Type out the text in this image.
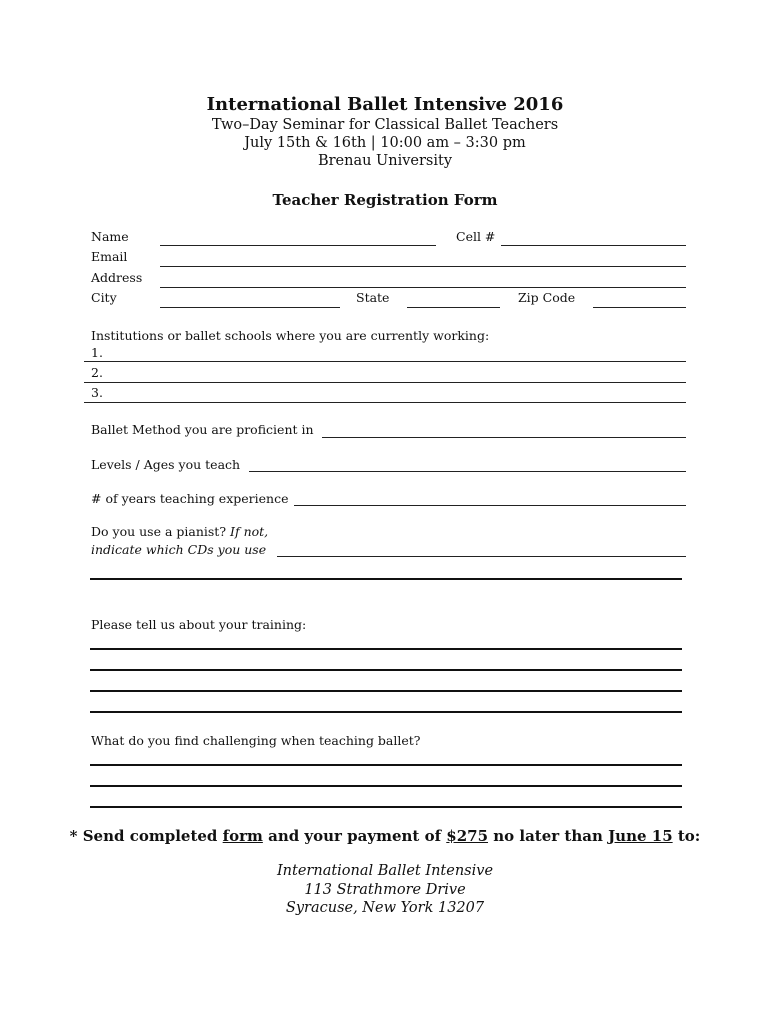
International Ballet Intensive 2016
Two–Day Seminar for Classical Ballet Teachers
July 15th & 16th | 10:00 am – 3:30 pm
Brenau University
Teacher Registration Form
Name	Cell #
Email
Address
City	State	Zip Code
Institutions or ballet schools where you are currently working:
1.
2.
3.
Ballet Method you are proficient in
Levels / Ages you teach
# of years teaching experience
Do you use a pianist? If not,
indicate which CDs you use
Please tell us about your training:
What do you find challenging when teaching ballet?
* Send completed form and your payment of $275 no later than June 15 to:
International Ballet Intensive
113 Strathmore Drive
Syracuse, New York 13207
